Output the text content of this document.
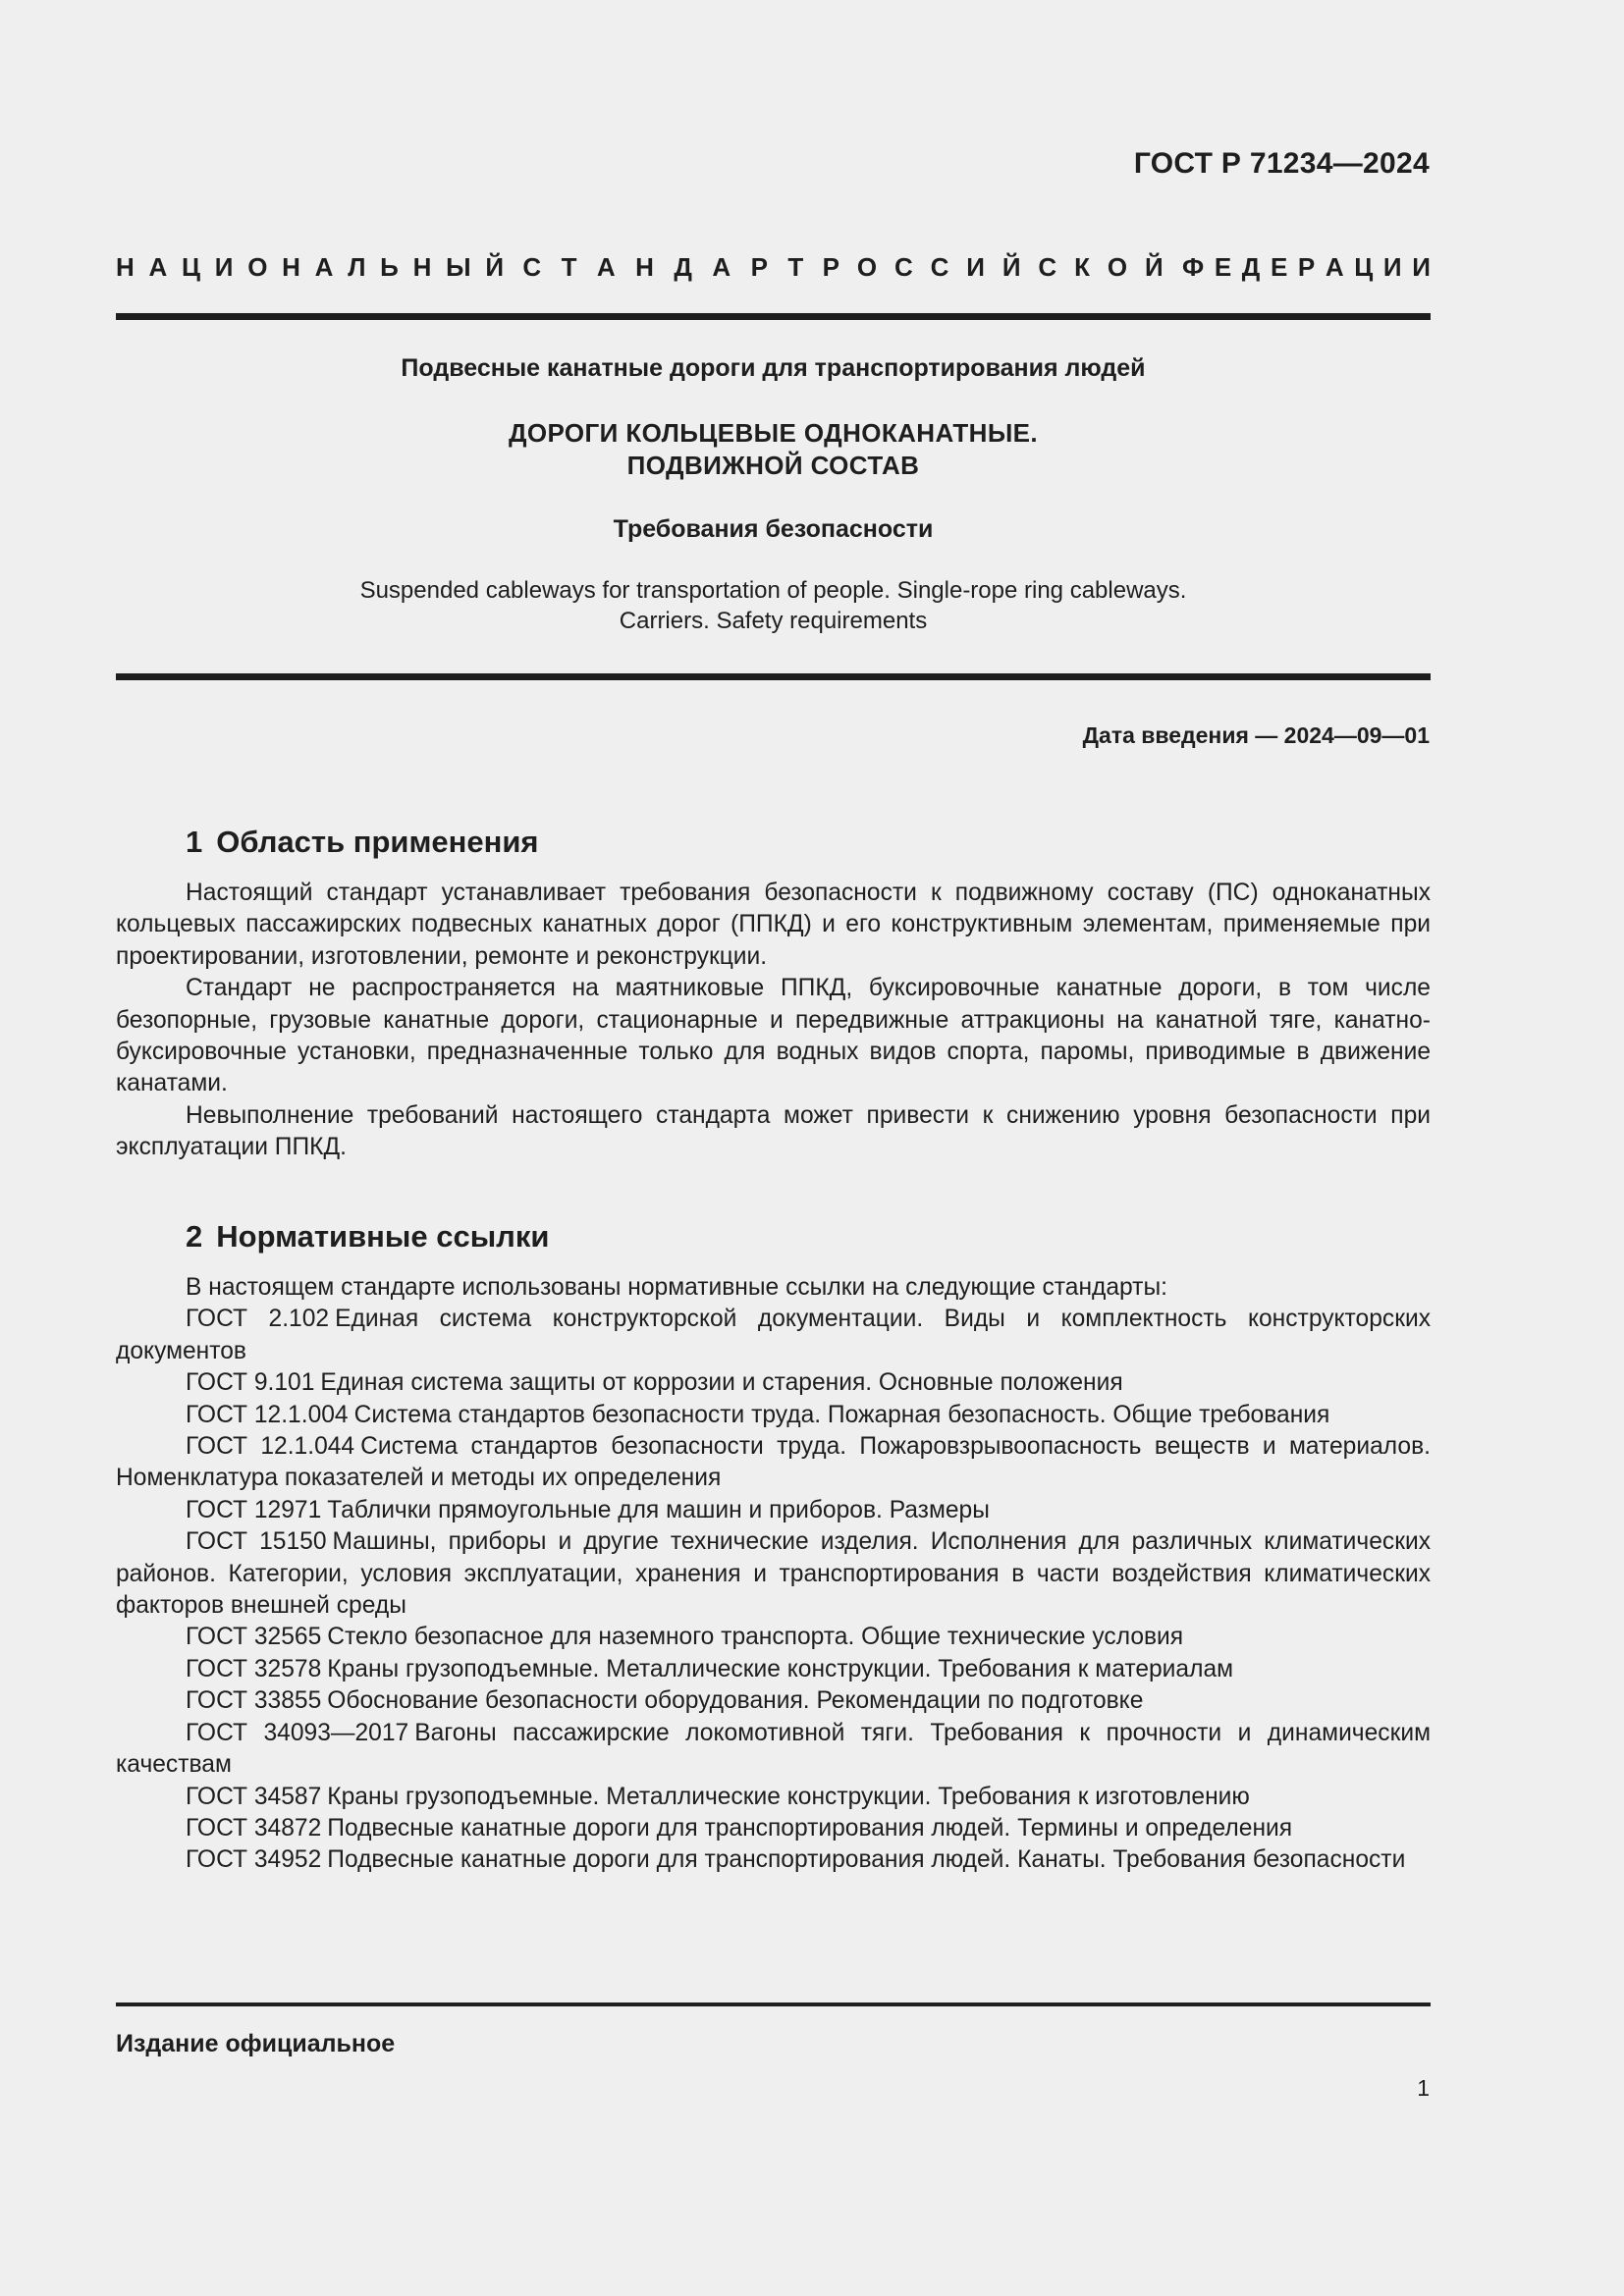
ГОСТ Р 71234—2024
Н А Ц И О Н А Л Ь Н Ы Й С Т А Н Д А Р Т Р О С С И Й С К О Й Ф Е Д Е Р А Ц И И
Подвесные канатные дороги для транспортирования людей
ДОРОГИ КОЛЬЦЕВЫЕ ОДНОКАНАТНЫЕ.
ПОДВИЖНОЙ СОСТАВ
Требования безопасности
Suspended cableways for transportation of people. Single-rope ring cableways.
Carriers. Safety requirements
Дата введения — 2024—09—01
1 Область применения

Настоящий стандарт устанавливает требования безопасности к подвижному составу (ПС) одноканатных кольцевых пассажирских подвесных канатных дорог (ППКД) и его конструктивным элементам, применяемые при проектировании, изготовлении, ремонте и реконструкции.

Стандарт не распространяется на маятниковые ППКД, буксировочные канатные дороги, в том числе безопорные, грузовые канатные дороги, стационарные и передвижные аттракционы на канатной тяге, канатно-буксировочные установки, предназначенные только для водных видов спорта, паромы, приводимые в движение канатами.

Невыполнение требований настоящего стандарта может привести к снижению уровня безопасности при эксплуатации ППКД.

2 Нормативные ссылки

В настоящем стандарте использованы нормативные ссылки на следующие стандарты:

ГОСТ 2.102 Единая система конструкторской документации. Виды и комплектность конструкторских документов

ГОСТ 9.101 Единая система защиты от коррозии и старения. Основные положения

ГОСТ 12.1.004 Система стандартов безопасности труда. Пожарная безопасность. Общие требования

ГОСТ 12.1.044 Система стандартов безопасности труда. Пожаровзрывоопасность веществ и материалов. Номенклатура показателей и методы их определения

ГОСТ 12971 Таблички прямоугольные для машин и приборов. Размеры

ГОСТ 15150 Машины, приборы и другие технические изделия. Исполнения для различных климатических районов. Категории, условия эксплуатации, хранения и транспортирования в части воздействия климатических факторов внешней среды

ГОСТ 32565 Стекло безопасное для наземного транспорта. Общие технические условия

ГОСТ 32578 Краны грузоподъемные. Металлические конструкции. Требования к материалам

ГОСТ 33855 Обоснование безопасности оборудования. Рекомендации по подготовке

ГОСТ 34093—2017 Вагоны пассажирские локомотивной тяги. Требования к прочности и динамическим качествам

ГОСТ 34587 Краны грузоподъемные. Металлические конструкции. Требования к изготовлению

ГОСТ 34872 Подвесные канатные дороги для транспортирования людей. Термины и определения

ГОСТ 34952 Подвесные канатные дороги для транспортирования людей. Канаты. Требования безопасности

Издание официальное
1
